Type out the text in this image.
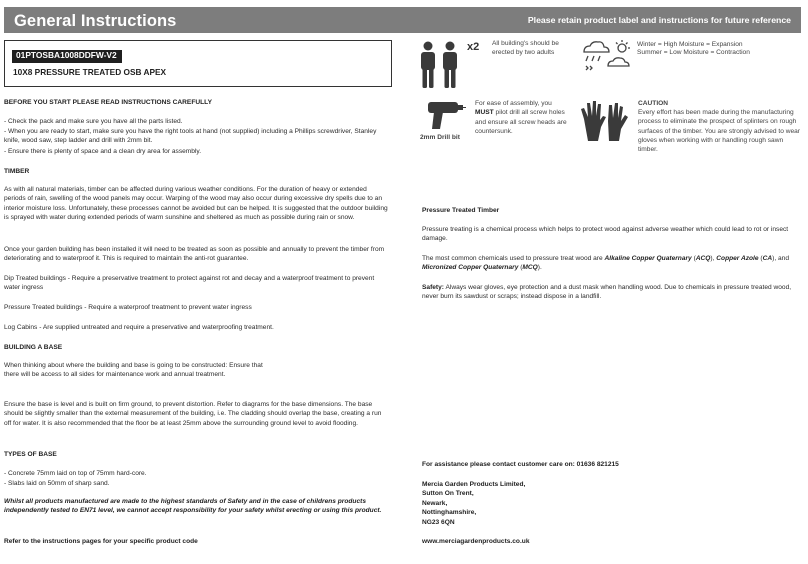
General Instructions	Please retain product label and instructions for future reference
01PTOSBA1008DDFW-V2
10X8 PRESSURE TREATED OSB APEX
BEFORE YOU START PLEASE READ INSTRUCTIONS CAREFULLY
- Check the pack and make sure you have all the parts listed.
- When you are ready to start, make sure you have the right tools at hand (not supplied) including a Phillips screwdriver, Stanley knife, wood saw, step ladder and drill with 2mm bit.
- Ensure there is plenty of space and a clean dry area for assembly.
TIMBER
As with all natural materials, timber can be affected during various weather conditions. For the duration of heavy or extended periods of rain, swelling of the wood panels may occur. Warping of the wood may also occur during excessive dry spells due to an interior moisture loss. Unfortunately, these processes cannot be avoided but can be helped. It is suggested that the outdoor building is sprayed with water during extended periods of warm sunshine and sheltered as much as possible during rain or snow.
Once your garden building has been installed it will need to be treated as soon as possible and annually to prevent the timber from deteriorating and to waterproof it. This is required to maintain the anti-rot guarantee.
Dip Treated buildings - Require a preservative treatment to protect against rot and decay and a waterproof treatment to prevent water ingress
Pressure Treated buildings - Require a waterproof treatment to prevent water ingress
Log Cabins - Are supplied untreated and require a preservative and waterproofing treatment.
BUILDING A BASE
When thinking about where the building and base is going to be constructed: Ensure that there will be access to all sides for maintenance work and annual treatment.
Ensure the base is level and is built on firm ground, to prevent distortion. Refer to diagrams for the base dimensions. The base should be slightly smaller than the external measurement of the building, i.e. The cladding should overlap the base, creating a run off for water. It is also recommended that the floor be at least 25mm above the surrounding ground level to avoid flooding.
TYPES OF BASE
- Concrete 75mm laid on top of 75mm hard-core.
- Slabs laid on 50mm of sharp sand.
Whilst all products manufactured are made to the highest standards of Safety and in the case of childrens products independently tested to EN71 level, we cannot accept responsibility for your safety whilst erecting or using this product.
Refer to the instructions pages for your specific product code
x2 All building's should be erected by two adults
Winter = High Moisture = Expansion
Summer = Low Moisture = Contraction
2mm Drill bit
For ease of assembly, you MUST pilot drill all screw holes and ensure all screw heads are countersunk.
CAUTION
Every effort has been made during the manufacturing process to eliminate the prospect of splinters on rough surfaces of the timber. You are strongly advised to wear gloves when working with or handling rough sawn timber.
Pressure Treated Timber
Pressure treating is a chemical process which helps to protect wood against adverse weather which could lead to rot or insect damage.
The most common chemicals used to pressure treat wood are Alkaline Copper Quaternary (ACQ), Copper Azole (CA), and Micronized Copper Quaternary (MCQ).
Safety: Always wear gloves, eye protection and a dust mask when handling wood. Due to chemicals in pressure treated wood, never burn its sawdust or scraps; instead dispose in a landfill.
For assistance please contact customer care on: 01636 821215
Mercia Garden Products Limited,
Sutton On Trent,
Newark,
Nottinghamshire,
NG23 6QN
www.merciagardenproducts.co.uk
